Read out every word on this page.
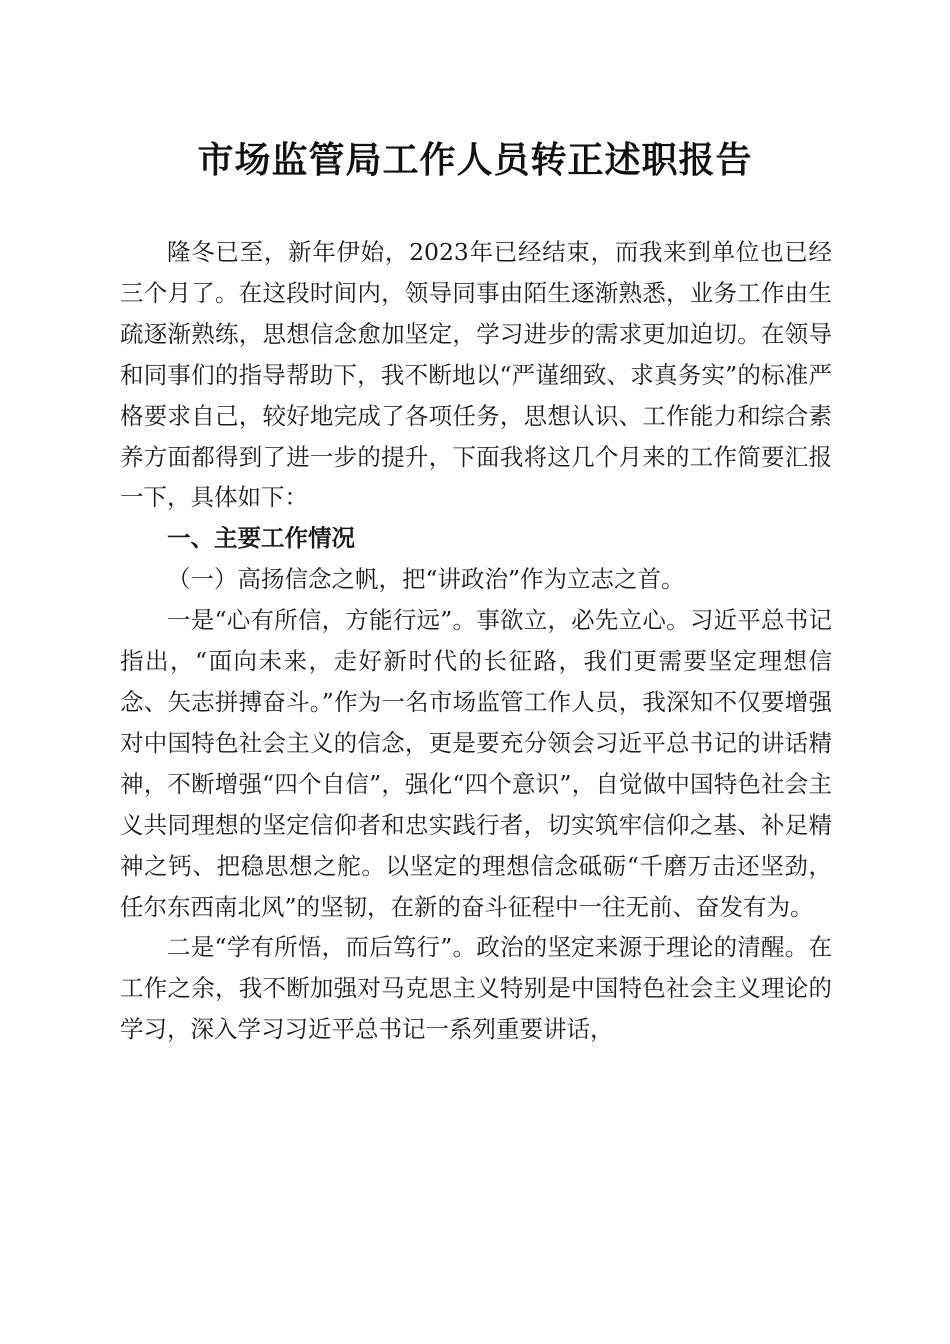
市场监管局工作人员转正述职报告

隆冬已至，新年伊始，2023年已经结束，而我来到单位也已经三个月了。在这段时间内，领导同事由陌生逐渐熟悉，业务工作由生疏逐渐熟练，思想信念愈加坚定，学习进步的需求更加迫切。在领导和同事们的指导帮助下，我不断地以“严谨细致、求真务实”的标准严格要求自己，较好地完成了各项任务，思想认识、工作能力和综合素养方面都得到了进一步的提升，下面我将这几个月来的工作简要汇报一下，具体如下：

一、主要工作情况

（一）高扬信念之帆，把“讲政治”作为立志之首。

一是“心有所信，方能行远”。事欲立，必先立心。习近平总书记指出，“面向未来，走好新时代的长征路，我们更需要坚定理想信念、矢志拼搏奋斗。”作为一名市场监管工作人员，我深知不仅要增强对中国特色社会主义的信念，更是要充分领会习近平总书记的讲话精神，不断增强“四个自信”，强化“四个意识”，自觉做中国特色社会主义共同理想的坚定信仰者和忠实践行者，切实筑牢信仰之基、补足精神之钙、把稳思想之舵。以坚定的理想信念砥砺“千磨万击还坚劲，任尔东西南北风”的坚韧，在新的奋斗征程中一往无前、奋发有为。

二是“学有所悟，而后笃行”。政治的坚定来源于理论的清醒。在工作之余，我不断加强对马克思主义特别是中国特色社会主义理论的学习，深入学习习近平总书记一系列重要讲话，
